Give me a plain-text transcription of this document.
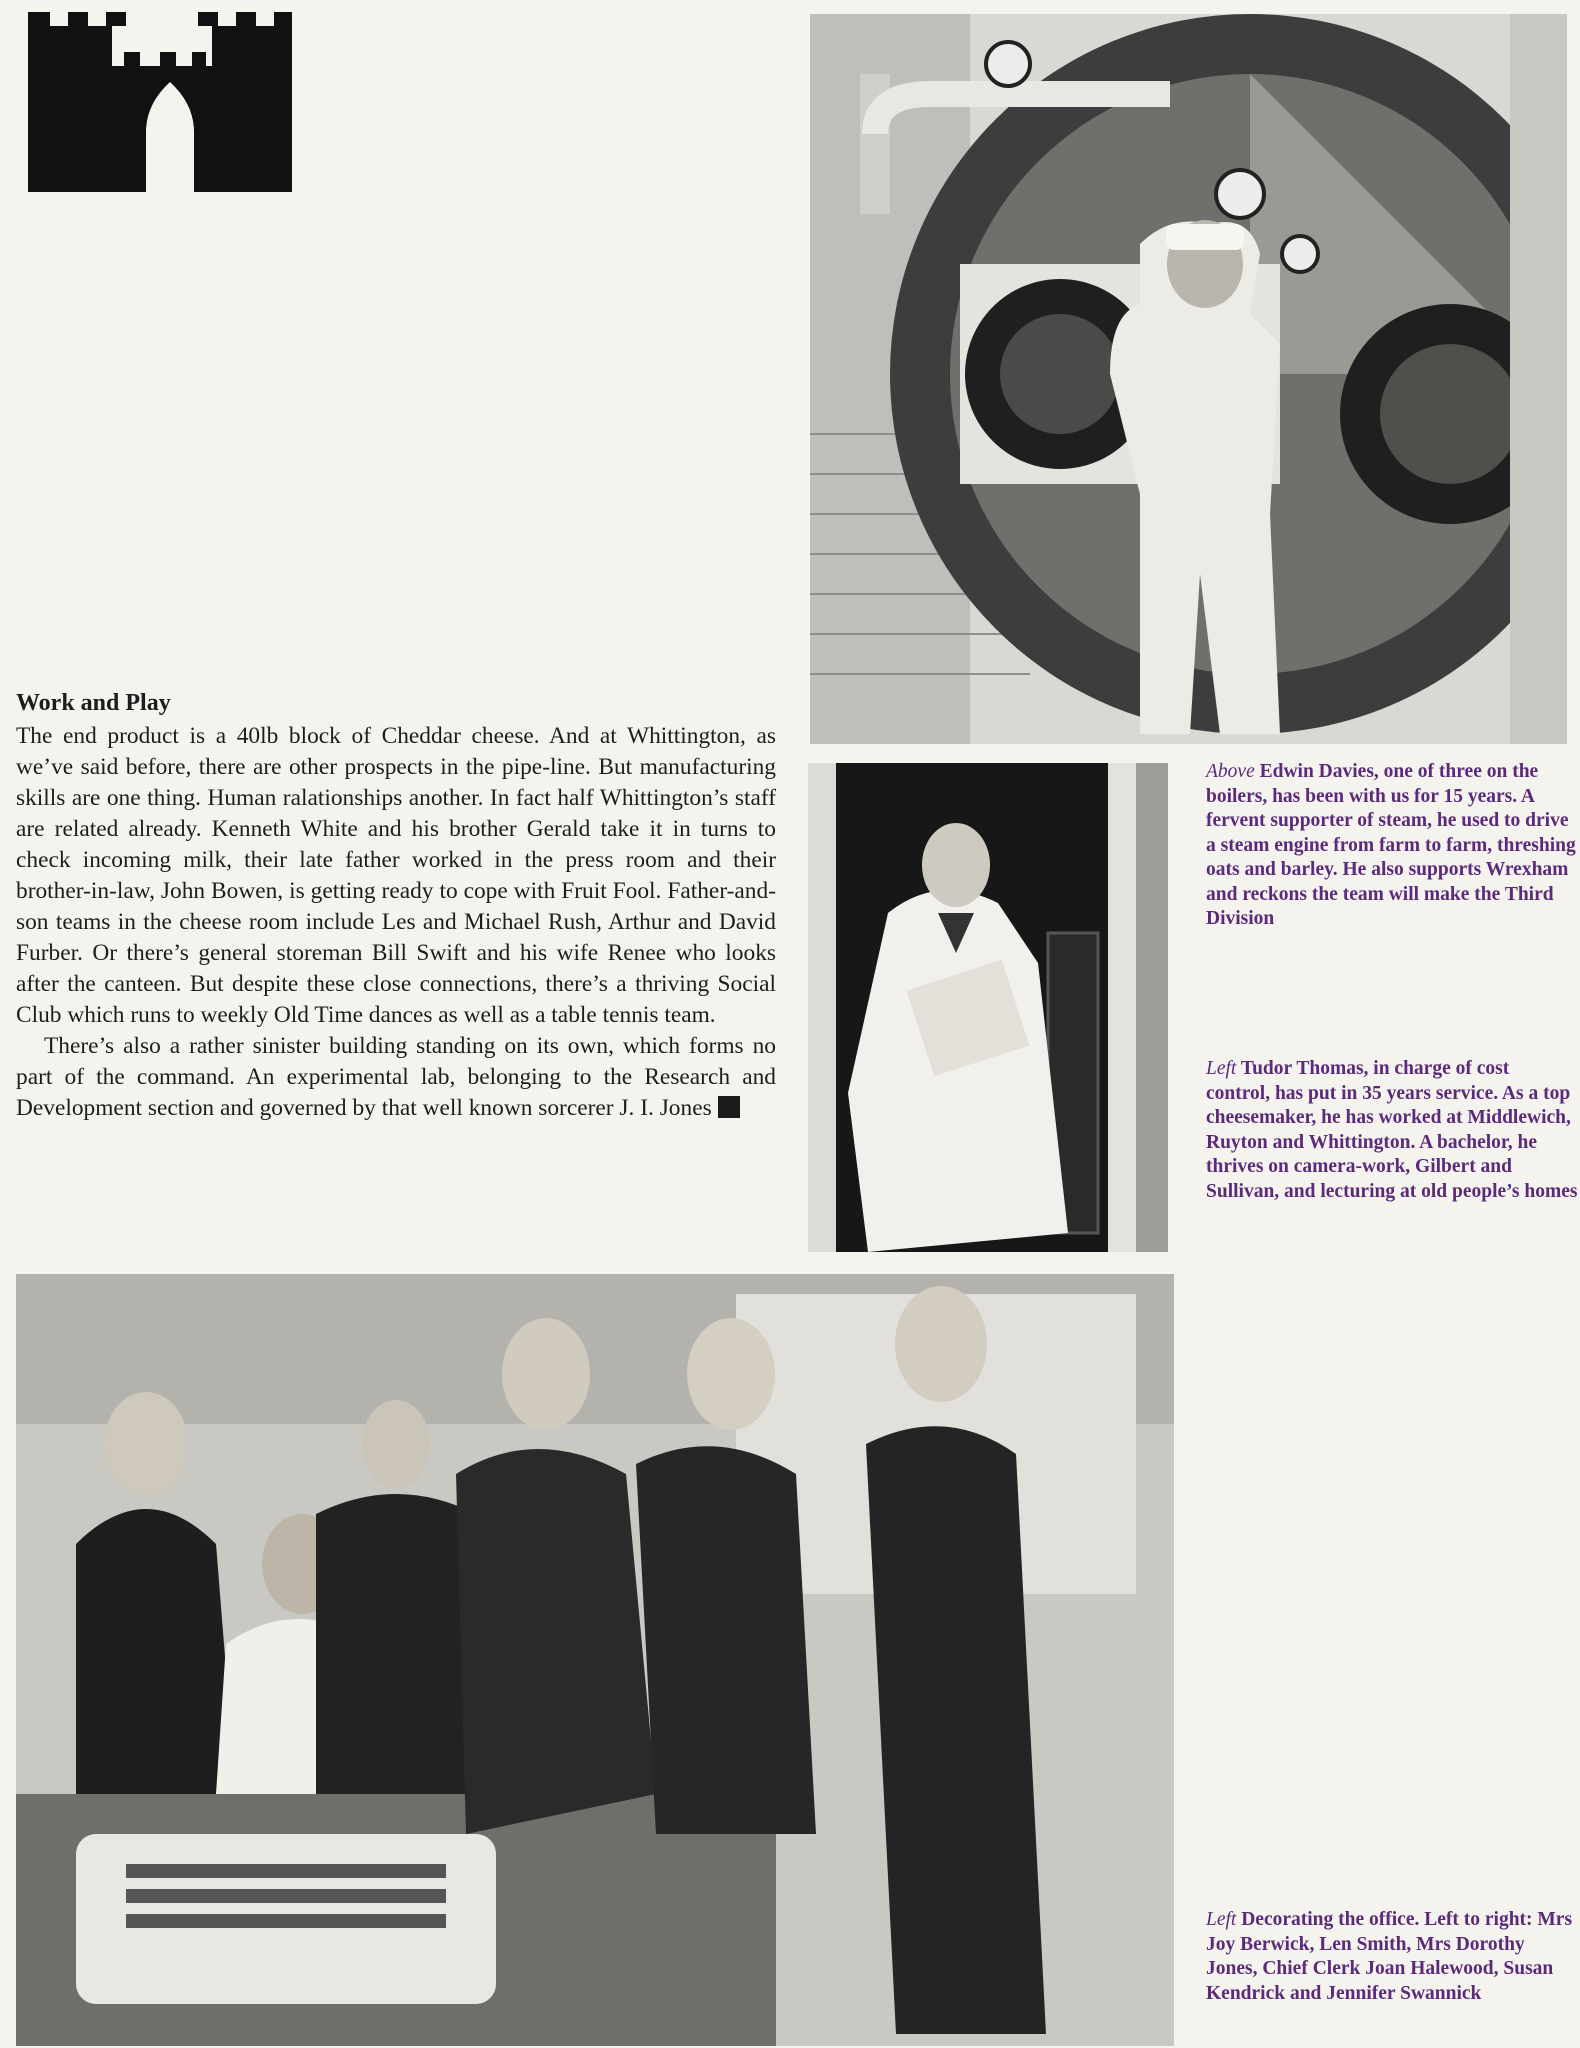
Work and Play

The end product is a 40lb block of Cheddar cheese. And at Whittington, as we’ve said before, there are other prospects in the pipe-line. But manufacturing skills are one thing. Human ralationships another. In fact half Whittington’s staff are related already. Kenneth White and his brother Gerald take it in turns to check incoming milk, their late father worked in the press room and their brother-in-law, John Bowen, is getting ready to cope with Fruit Fool. Father-and-son teams in the cheese room include Les and Michael Rush, Arthur and David Furber. Or there’s general storeman Bill Swift and his wife Renee who looks after the canteen. But despite these close connections, there’s a thriving Social Club which runs to weekly Old Time dances as well as a table tennis team.

There’s also a rather sinister building standing on its own, which forms no part of the command. An experimental lab, belonging to the Research and Development section and governed by that well known sorcerer J. I. Jones

Above Edwin Davies, one of three on the boilers, has been with us for 15 years. A fervent supporter of steam, he used to drive a steam engine from farm to farm, threshing oats and barley. He also supports Wrexham and reckons the team will make the Third Division
Left Tudor Thomas, in charge of cost control, has put in 35 years service. As a top cheesemaker, he has worked at Middlewich, Ruyton and Whittington. A bachelor, he thrives on camera-work, Gilbert and Sullivan, and lecturing at old people’s homes
Left Decorating the office. Left to right: Mrs Joy Berwick, Len Smith, Mrs Dorothy Jones, Chief Clerk Joan Halewood, Susan Kendrick and Jennifer Swannick
